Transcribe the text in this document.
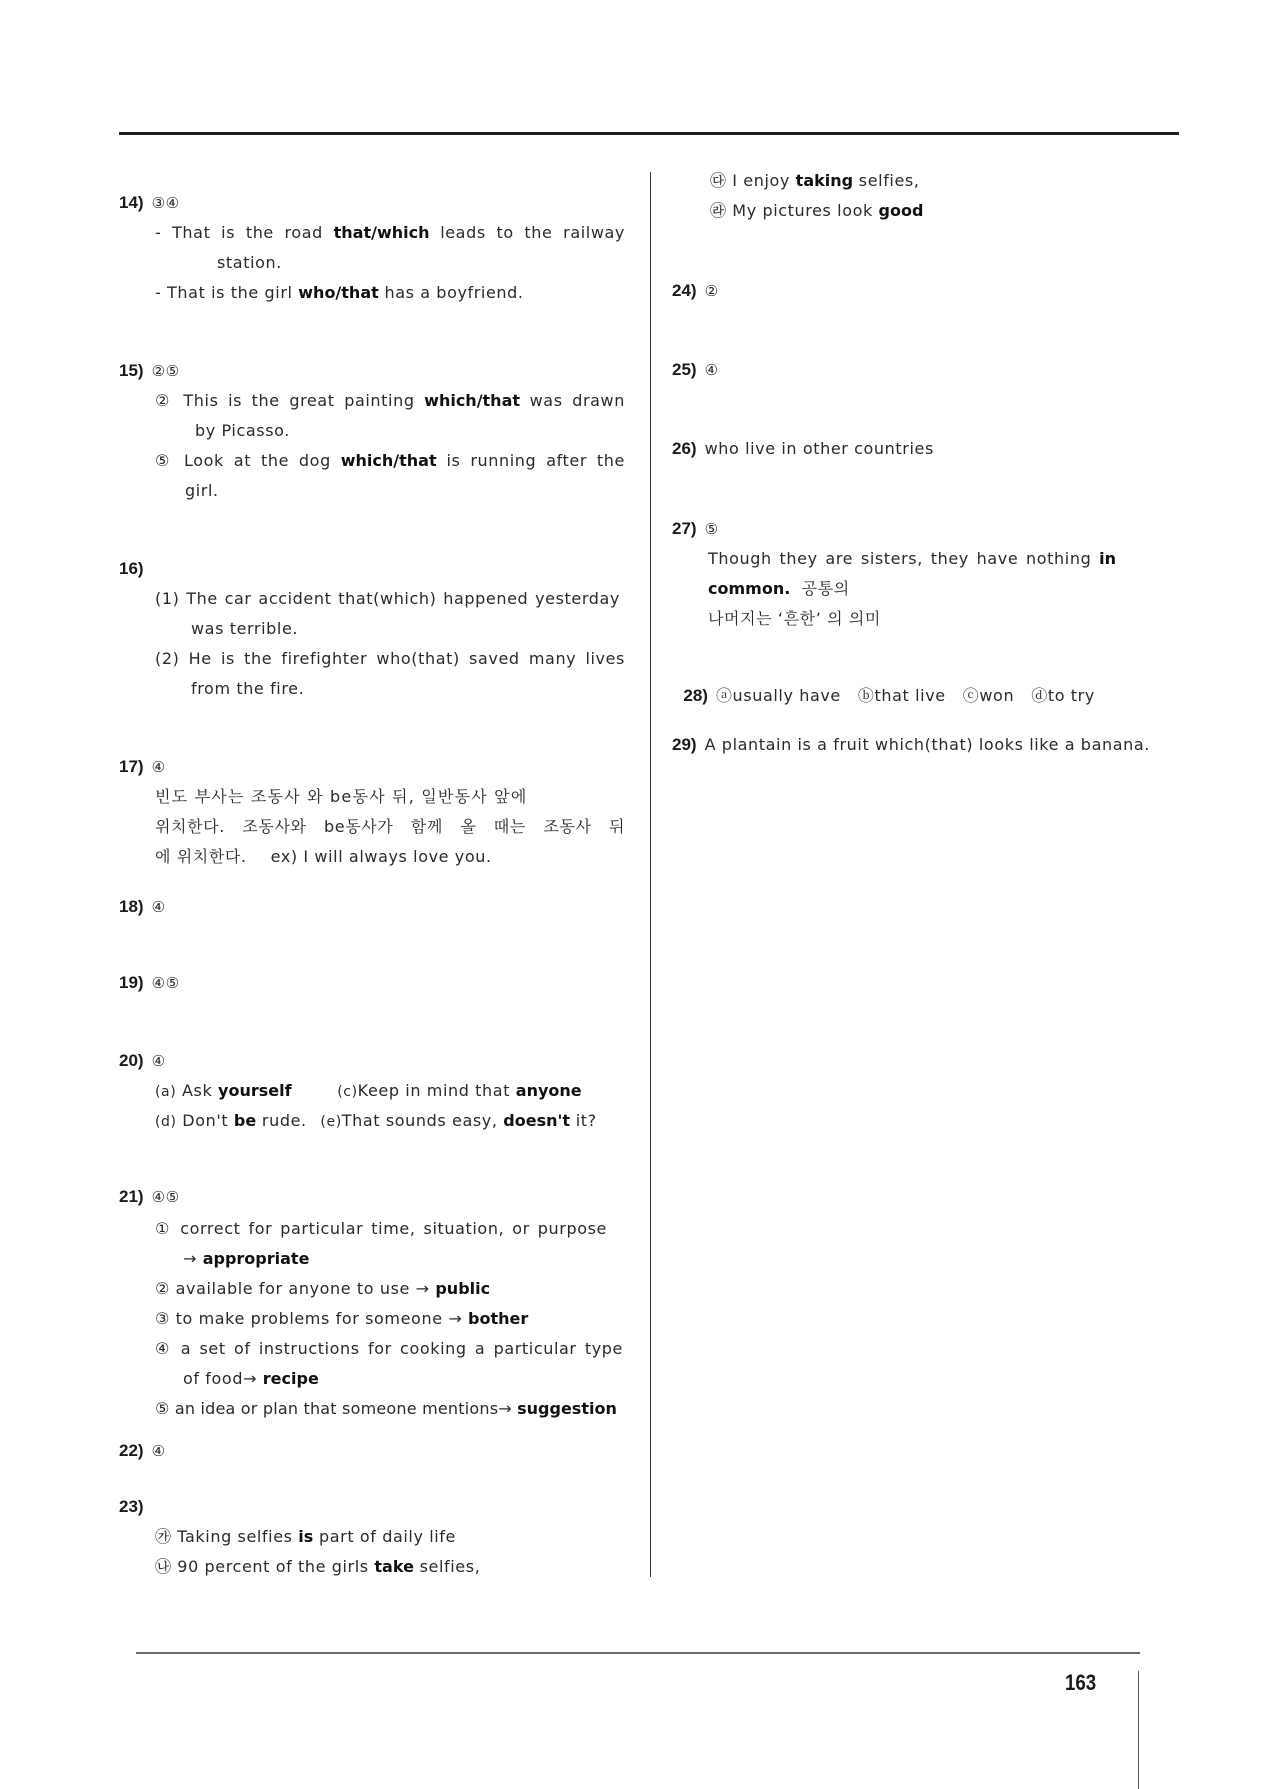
14) ③④
- That is the road that/which leads to the railway
station.
- That is the girl who/that has a boyfriend.
15) ②⑤
② This is the great painting which/that was drawn
by Picasso.
⑤ Look at the dog which/that is running after the
girl.
16)
(1) The car accident that(which) happened yesterday
was terrible.
(2) He is the firefighter who(that) saved many lives
from the fire.
17) ④
빈도 부사는 조동사 와 be동사 뒤, 일반동사 앞에
위치한다. 조동사와 be동사가 함께 올 때는 조동사 뒤
에 위치한다. ex) I will always love you.
18) ④
19) ④⑤
20) ④
(a) Ask yourself	(c)Keep in mind that anyone
(d) Don't be rude. (e)That sounds easy, doesn't it?
21) ④⑤
① correct for particular time, situation, or purpose
→ appropriate
② available for anyone to use → public
③ to make problems for someone → bother
④ a set of instructions for cooking a particular type
of food→ recipe
⑤ an idea or plan that someone mentions→ suggestion
22) ④
23)
㉮ Taking selfies is part of daily life
㉯ 90 percent of the girls take selfies,
㉰ I enjoy taking selfies,
㉱ My pictures look good
24) ②
25) ④
26) who live in other countries
27) ⑤
Though they are sisters, they have nothing in
common.  공통의
나머지는 ‘흔한’ 의 의미

28) ⓐusually have   ⓑthat live   ⓒwon   ⓓto try

29) A plantain is a fruit which(that) looks like a banana.
163
